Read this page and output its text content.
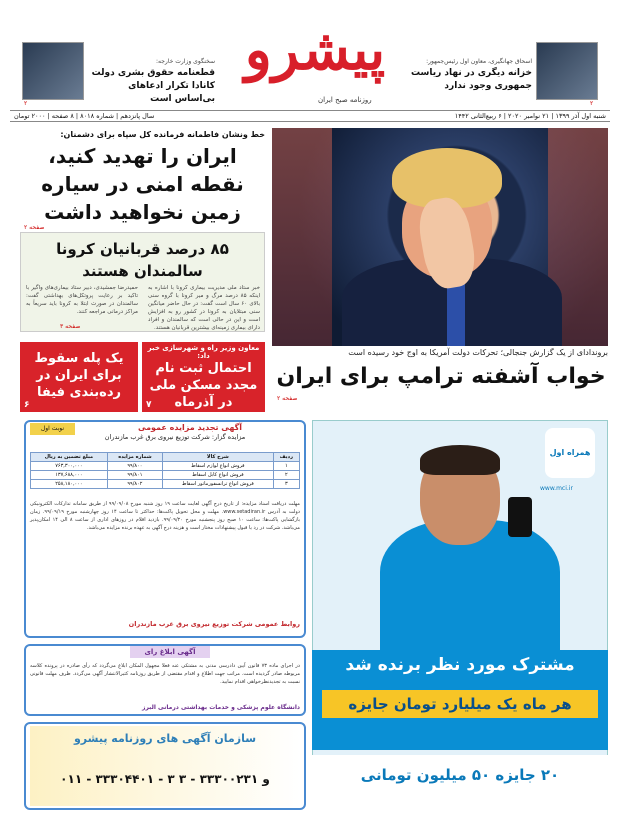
پیشرو
روزنامه صبح ایران
سخنگوی وزارت خارجه:
قطعنامه حقوق بشری دولت کانادا تکرار ادعاهای بی‌اساس است
۲
اسحاق جهانگیری، معاون اول رئیس‌جمهور:
خزانه دیگری در نهاد ریاست جمهوری وجود ندارد
۲
شنبه اول آذر ۱۳۹۹ | ۲۱ نوامبر ۲۰۲۰ | ۶ ربیع‌الثانی ۱۴۴۲
سال پانزدهم | شماره ۸۰۱۸ | ۸ صفحه | ۲۰۰۰ تومان
خط ونشان فاطمانه فرمانده کل سپاه برای دشمنان:
ایران را تهدید کنید، نقطه امنی در سیاره زمین نخواهید داشت
صفحه ۲
۸۵ درصد قربانیان کرونا سالمندان هستند
خبر ستاد ملی مدیریت بیماری کرونا با اشاره به اینکه ۸۵ درصد مرگ و میر کرونا با گروه سنی بالای ۶۰ سال است گفت: در حال حاضر میانگین سنی مبتلایان به کرونا در کشور رو به افزایش است و این در حالی است که سالمندان و افراد دارای بیماری زمینه‌ای بیشترین قربانیان هستند.
حمیدرضا جمشیدی، دبیر ستاد بیماری‌های واگیر با تاکید بر رعایت پروتکل‌های بهداشتی گفت: سالمندان در صورت ابتلا به کرونا باید سریعاً به مراکز درمانی مراجعه کنند.
صفحه ۳
یک پله سقوط برای ایران در رده‌بندی فیفا
۶
معاون وزیر راه و شهرسازی خبر داد:
احتمال ثبت نام مجدد مسکن ملی در آذرماه
۷
برونداد‌ای از یک گزارش جنجالی؛ تحرکات دولت آمریکا به اوج خود رسیده است
خواب آشفته ترامپ برای ایران
صفحه ۲
نوبت اول	آگهی تجدید مزایده عمومی
مزایده گزار: شرکت توزیع نیروی برق غرب مازندران
ردیف	شرح کالا	شماره مزایده	مبلغ تضمین به ریال
۱	فروش انواع لوازم اسقاط	۹۹/۸۰۰	۷۶۳,۳۰۰,۰۰۰
۲	فروش انواع کابل اسقاط	۹۹/۸۰۱	۱۳۷,۶۸۸,۰۰۰
۳	فروش انواع ترانسفورماتور اسقاط	۹۹/۸۰۲	۲۵۸,۱۸۰,۰۰۰
مهلت دریافت اسناد مزایده: از تاریخ درج آگهی لغایت ساعت ۱۹ روز شنبه مورخ ۹۹/۰۹/۰۸ از طریق سامانه تدارکات الکترونیکی دولت به آدرس www.setadiran.ir. مهلت و محل تحویل پاکت‌ها: حداکثر تا ساعت ۱۴ روز چهارشنبه مورخ ۹۹/۰۹/۱۹. زمان بازگشایی پاکت‌ها: ساعت ۱۰ صبح روز پنجشنبه مورخ ۹۹/۰۹/۲۰. بازدید اقلام در روزهای اداری از ساعت ۸ الی ۱۴ امکان‌پذیر می‌باشد. شرکت در رد یا قبول پیشنهادات مختار است و هزینه درج آگهی به عهده برنده مزایده می‌باشد.
روابط عمومی شرکت توزیع نیروی برق غرب مازندران
آگهی ابلاغ رای
در اجرای ماده ۷۳ قانون آیین دادرسی مدنی به مشتکی عنه فعلا مجهول المکان ابلاغ می‌گردد که رأی صادره در پرونده کلاسه مربوطه صادر گردیده است. مراتب جهت اطلاع و اقدام مقتضی از طریق روزنامه کثیرالانتشار آگهی می‌گردد. ظرف مهلت قانونی نسبت به تجدیدنظرخواهی اقدام نمایید.
دانشگاه علوم پزشکی و خدمات بهداشتی درمانی البرز
سازمان آگهی های روزنامه پیشرو
۰۱۱ - ۳۳۳۰۴۴۰۱ - ۳ و ۳۳۳۰۰۲۳۱ - ۳
همراه اول
www.mci.ir
مشترک مورد نظر برنده شد
هر ماه یک میلیارد تومان جایزه
۲۰ جایزه ۵۰ میلیون تومانی
